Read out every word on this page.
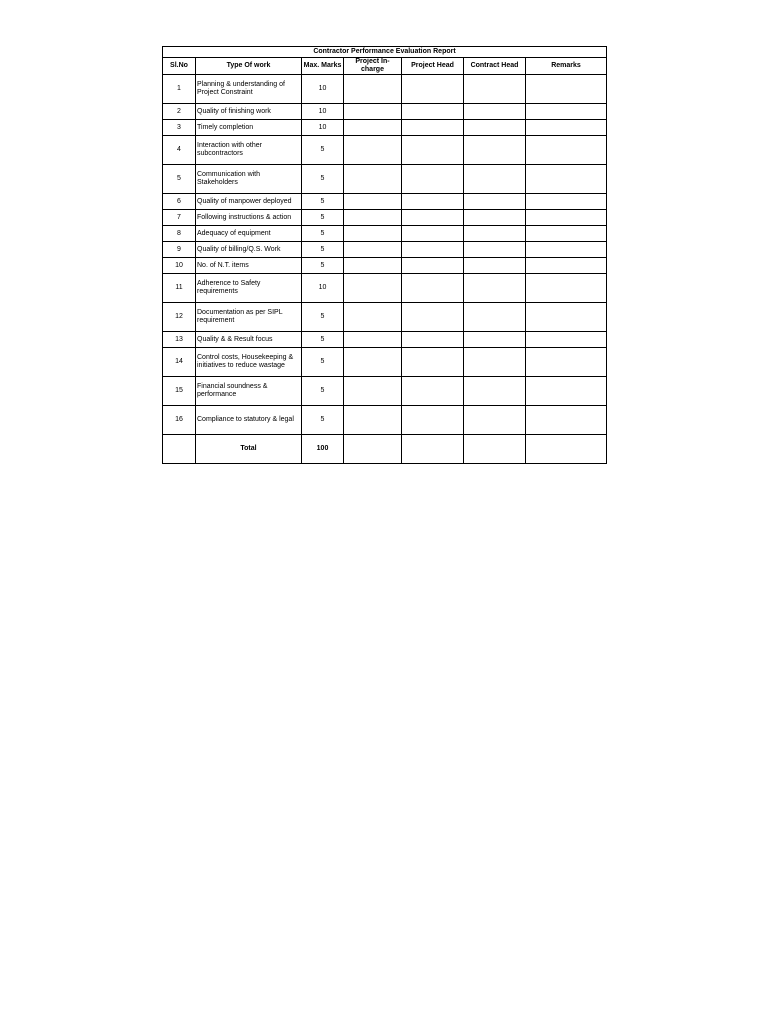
Contractor Performance Evaluation Report						
Sl.No	Type Of work	Max. Marks	Project In-charge	Project Head	Contract Head	Remarks
1	Planning & understanding of Project Constraint	10				
2	Quality of finishing work	10				
3	Timely completion	10				
4	Interaction with other subcontractors	5				
5	Communication with Stakeholders	5				
6	Quality of manpower deployed	5				
7	Following instructions & action	5				
8	Adequacy of equipment	5				
9	Quality of billing/Q.S. Work	5				
10	No. of N.T. items	5				
11	Adherence to Safety requirements	10				
12	Documentation as per SIPL requirement	5				
13	Quality & & Result focus	5				
14	Control costs, Housekeeping & initiatives to reduce wastage	5				
15	Financial soundness & performance	5				
16	Compliance to statutory & legal	5				
	Total	100				
